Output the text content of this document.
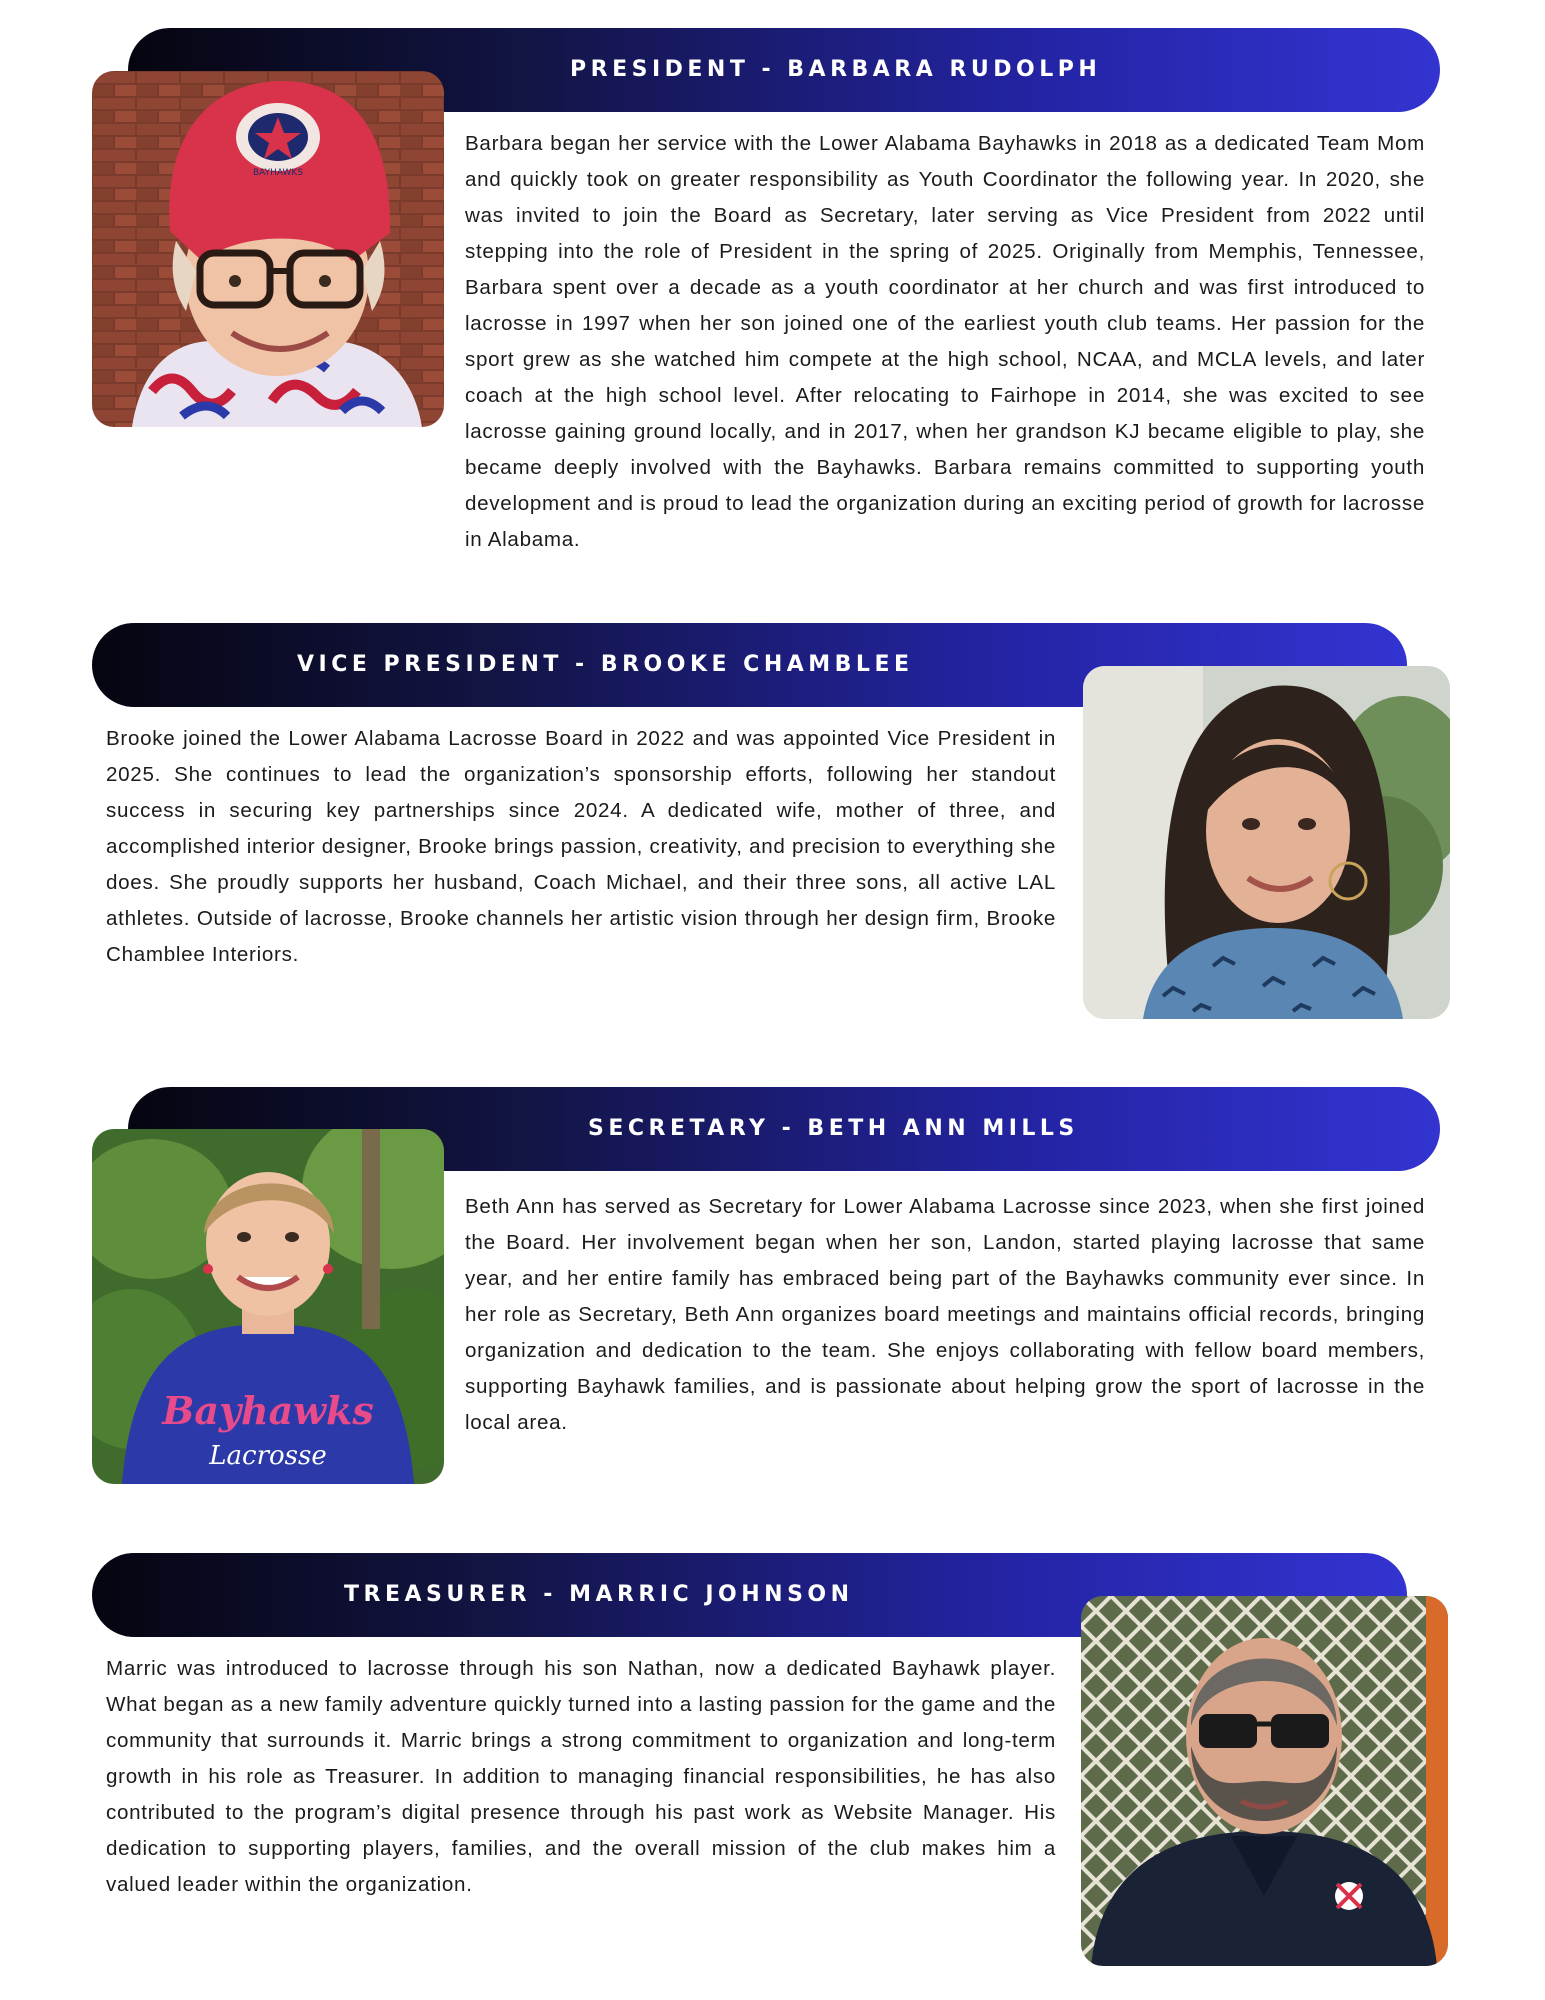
PRESIDENT - BARBARA RUDOLPH
BAYHAWKS

Barbara began her service with the Lower Alabama Bayhawks in 2018 as a dedicated Team Mom and quickly took on greater responsibility as Youth Coordinator the following year. In 2020, she was invited to join the Board as Secretary, later serving as Vice President from 2022 until stepping into the role of President in the spring of 2025. Originally from Memphis, Tennessee, Barbara spent over a decade as a youth coordinator at her church and was first introduced to lacrosse in 1997 when her son joined one of the earliest youth club teams. Her passion for the sport grew as she watched him compete at the high school, NCAA, and MCLA levels, and later coach at the high school level. After relocating to Fairhope in 2014, she was excited to see lacrosse gaining ground locally, and in 2017, when her grandson KJ became eligible to play, she became deeply involved with the Bayhawks. Barbara remains committed to supporting youth development and is proud to lead the organization during an exciting period of growth for lacrosse in Alabama.

VICE PRESIDENT - BROOKE CHAMBLEE

Brooke joined the Lower Alabama Lacrosse Board in 2022 and was appointed Vice President in 2025. She continues to lead the organization’s sponsorship efforts, following her standout success in securing key partnerships since 2024. A dedicated wife, mother of three, and accomplished interior designer, Brooke brings passion, creativity, and precision to everything she does. She proudly supports her husband, Coach Michael, and their three sons, all active LAL athletes. Outside of lacrosse, Brooke channels her artistic vision through her design firm, Brooke Chamblee Interiors.

SECRETARY - BETH ANN MILLS
Bayhawks
Lacrosse

Beth Ann has served as Secretary for Lower Alabama Lacrosse since 2023, when she first joined the Board. Her involvement began when her son, Landon, started playing lacrosse that same year, and her entire family has embraced being part of the Bayhawks community ever since. In her role as Secretary, Beth Ann organizes board meetings and maintains official records, bringing organization and dedication to the team. She enjoys collaborating with fellow board members, supporting Bayhawk families, and is passionate about helping grow the sport of lacrosse in the local area.

TREASURER - MARRIC JOHNSON

Marric was introduced to lacrosse through his son Nathan, now a dedicated Bayhawk player. What began as a new family adventure quickly turned into a lasting passion for the game and the community that surrounds it. Marric brings a strong commitment to organization and long-term growth in his role as Treasurer. In addition to managing financial responsibilities, he has also contributed to the program’s digital presence through his past work as Website Manager. His dedication to supporting players, families, and the overall mission of the club makes him a valued leader within the organization.
